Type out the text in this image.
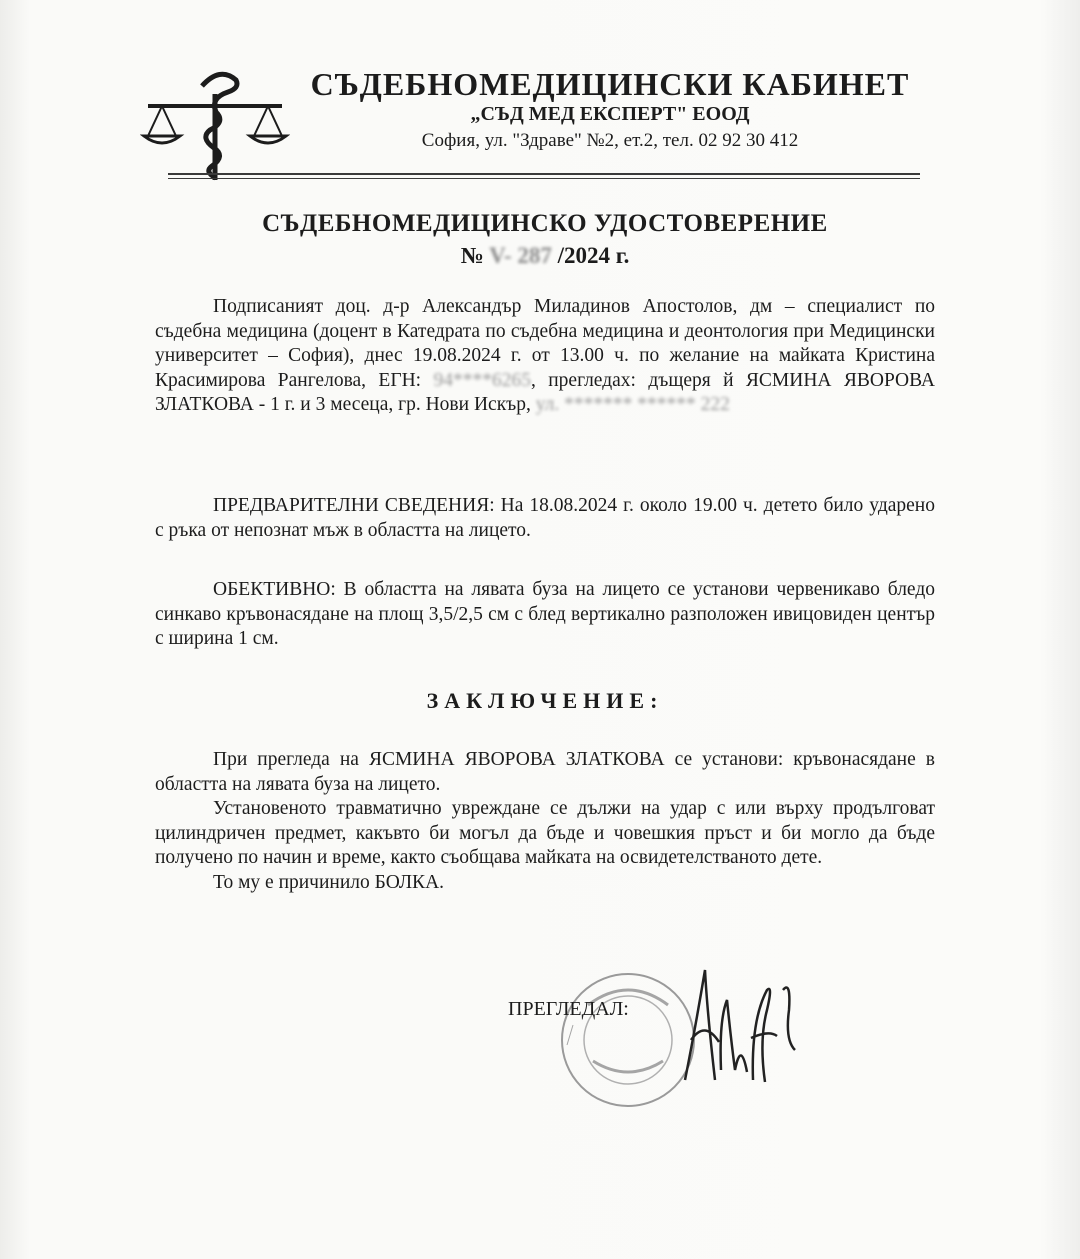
СЪДЕБНОМЕДИЦИНСКИ КАБИНЕТ
„СЪД МЕД ЕКСПЕРТ" ЕООД
София, ул. "Здраве" №2, ет.2, тел. 02 92 30 412
СЪДЕБНОМЕДИЦИНСКО УДОСТОВЕРЕНИЕ
№ V- 287 /2024 г.

Подписаният доц. д-р Александър Миладинов Апостолов, дм – специалист по съдебна медицина (доцент в Катедрата по съдебна медицина и деонтология при Медицински университет – София), днес 19.08.2024 г. от 13.00 ч. по желание на майката Кристина Красимирова Рангелова, ЕГН: 94****6265, прегледах: дъщеря й ЯСМИНА ЯВОРОВА ЗЛАТКОВА - 1 г. и 3 месеца, гр. Нови Искър, ул. ******* ****** 222

ПРЕДВАРИТЕЛНИ СВЕДЕНИЯ: На 18.08.2024 г. около 19.00 ч. детето било ударено с ръка от непознат мъж в областта на лицето.

ОБЕКТИВНО: В областта на лявата буза на лицето се установи червеникаво бледо синкаво кръвонасядане на площ 3,5/2,5 см с блед вертикално разположен ивицовиден център с ширина 1 см.

ЗАКЛЮЧЕНИЕ:

При прегледа на ЯСМИНА ЯВОРОВА ЗЛАТКОВА се установи: кръвонасядане в областта на лявата буза на лицето.

Установеното травматично увреждане се дължи на удар с или върху продълговат цилиндричен предмет, какъвто би могъл да бъде и човешкия пръст и би могло да бъде получено по начин и време, както съобщава майката на освидетелстваното дете.

То му е причинило БОЛКА.

ПРЕГЛЕДАЛ:
